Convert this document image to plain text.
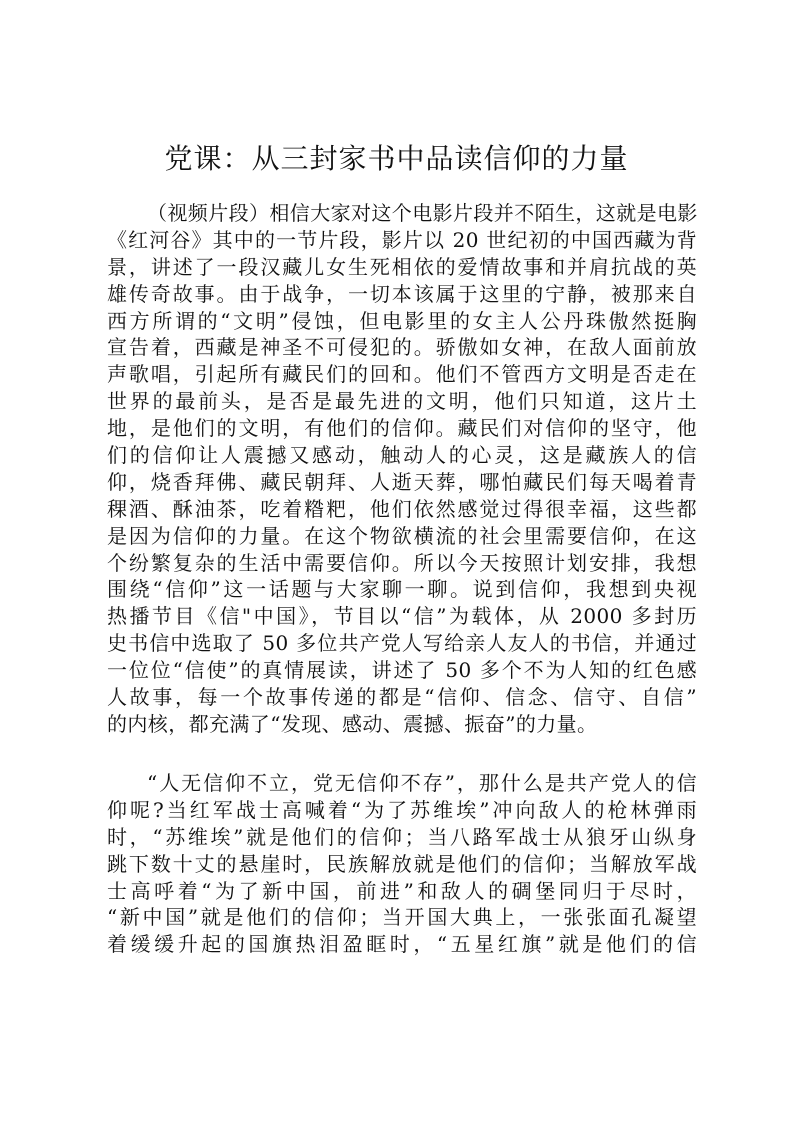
党课：从三封家书中品读信仰的力量
（视频片段）相信大家对这个电影片段并不陌生，这就是电影
《红河谷》其中的一节片段，影片以 20 世纪初的中国西藏为背
景，讲述了一段汉藏儿女生死相依的爱情故事和并肩抗战的英
雄传奇故事。由于战争，一切本该属于这里的宁静，被那来自
西方所谓的“文明”侵蚀，但电影里的女主人公丹珠傲然挺胸
宣告着，西藏是神圣不可侵犯的。骄傲如女神，在敌人面前放
声歌唱，引起所有藏民们的回和。他们不管西方文明是否走在
世界的最前头，是否是最先进的文明，他们只知道，这片土
地，是他们的文明，有他们的信仰。藏民们对信仰的坚守，他
们的信仰让人震撼又感动，触动人的心灵，这是藏族人的信
仰，烧香拜佛、藏民朝拜、人逝天葬，哪怕藏民们每天喝着青
稞酒、酥油茶，吃着糌粑，他们依然感觉过得很幸福，这些都
是因为信仰的力量。在这个物欲横流的社会里需要信仰，在这
个纷繁复杂的生活中需要信仰。所以今天按照计划安排，我想
围绕“信仰”这一话题与大家聊一聊。说到信仰，我想到央视
热播节目《信"中国》，节目以“信”为载体，从 2000 多封历
史书信中选取了 50 多位共产党人写给亲人友人的书信，并通过
一位位“信使”的真情展读，讲述了 50 多个不为人知的红色感
人故事，每一个故事传递的都是“信仰、信念、信守、自信”
的内核，都充满了“发现、感动、震撼、振奋”的力量。
“人无信仰不立，党无信仰不存”，那什么是共产党人的信
仰呢?当红军战士高喊着“为了苏维埃”冲向敌人的枪林弹雨
时，“苏维埃”就是他们的信仰；当八路军战士从狼牙山纵身
跳下数十丈的悬崖时，民族解放就是他们的信仰；当解放军战
士高呼着“为了新中国，前进”和敌人的碉堡同归于尽时，
“新中国”就是他们的信仰；当开国大典上，一张张面孔凝望
着缓缓升起的国旗热泪盈眶时，“五星红旗”就是他们的信
